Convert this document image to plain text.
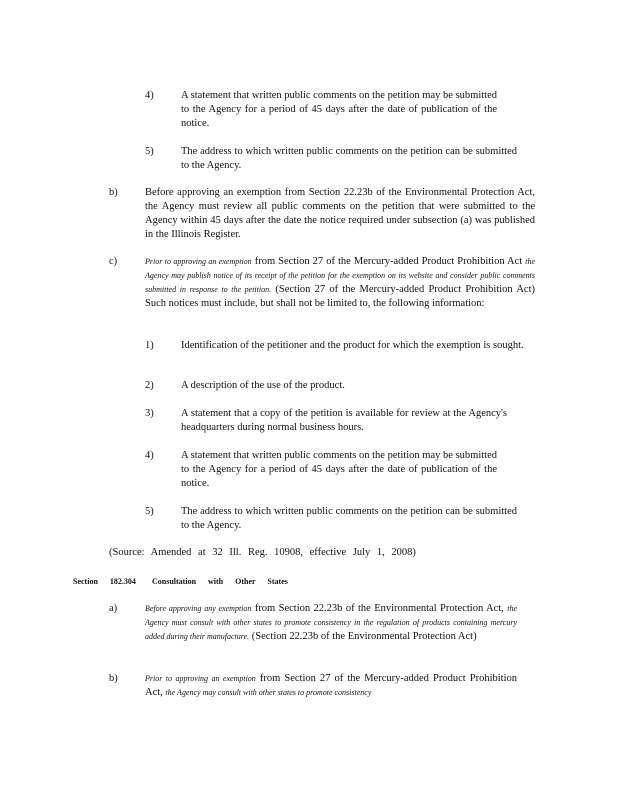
4)	A statement that written public comments on the petition may be submitted to the Agency for a period of 45 days after the date of publication of the notice.
5)	The address to which written public comments on the petition can be submitted to the Agency.
b)	Before approving an exemption from Section 22.23b of the Environmental Protection Act, the Agency must review all public comments on the petition that were submitted to the Agency within 45 days after the date the notice required under subsection (a) was published in the Illinois Register.
c)	Prior to approving an exemption from Section 27 of the Mercury-added Product Prohibition Act the Agency may publish notice of its receipt of the petition for the exemption on its website and consider public comments submitted in response to the petition. (Section 27 of the Mercury-added Product Prohibition Act) Such notices must include, but shall not be limited to, the following information:
1)	Identification of the petitioner and the product for which the exemption is sought.
2)	A description of the use of the product.
3)	A statement that a copy of the petition is available for review at the Agency's headquarters during normal business hours.
4)	A statement that written public comments on the petition may be submitted to the Agency for a period of 45 days after the date of publication of the notice.
5)	The address to which written public comments on the petition can be submitted to the Agency.
(Source: Amended at 32 Ill. Reg. 10908, effective July 1, 2008)
Section 182.304 Consultation with Other States
a)	Before approving any exemption from Section 22.23b of the Environmental Protection Act, the Agency must consult with other states to promote consistency in the regulation of products containing mercury added during their manufacture. (Section 22.23b of the Environmental Protection Act)
b)	Prior to approving an exemption from Section 27 of the Mercury-added Product Prohibition Act, the Agency may consult with other states to promote consistency
